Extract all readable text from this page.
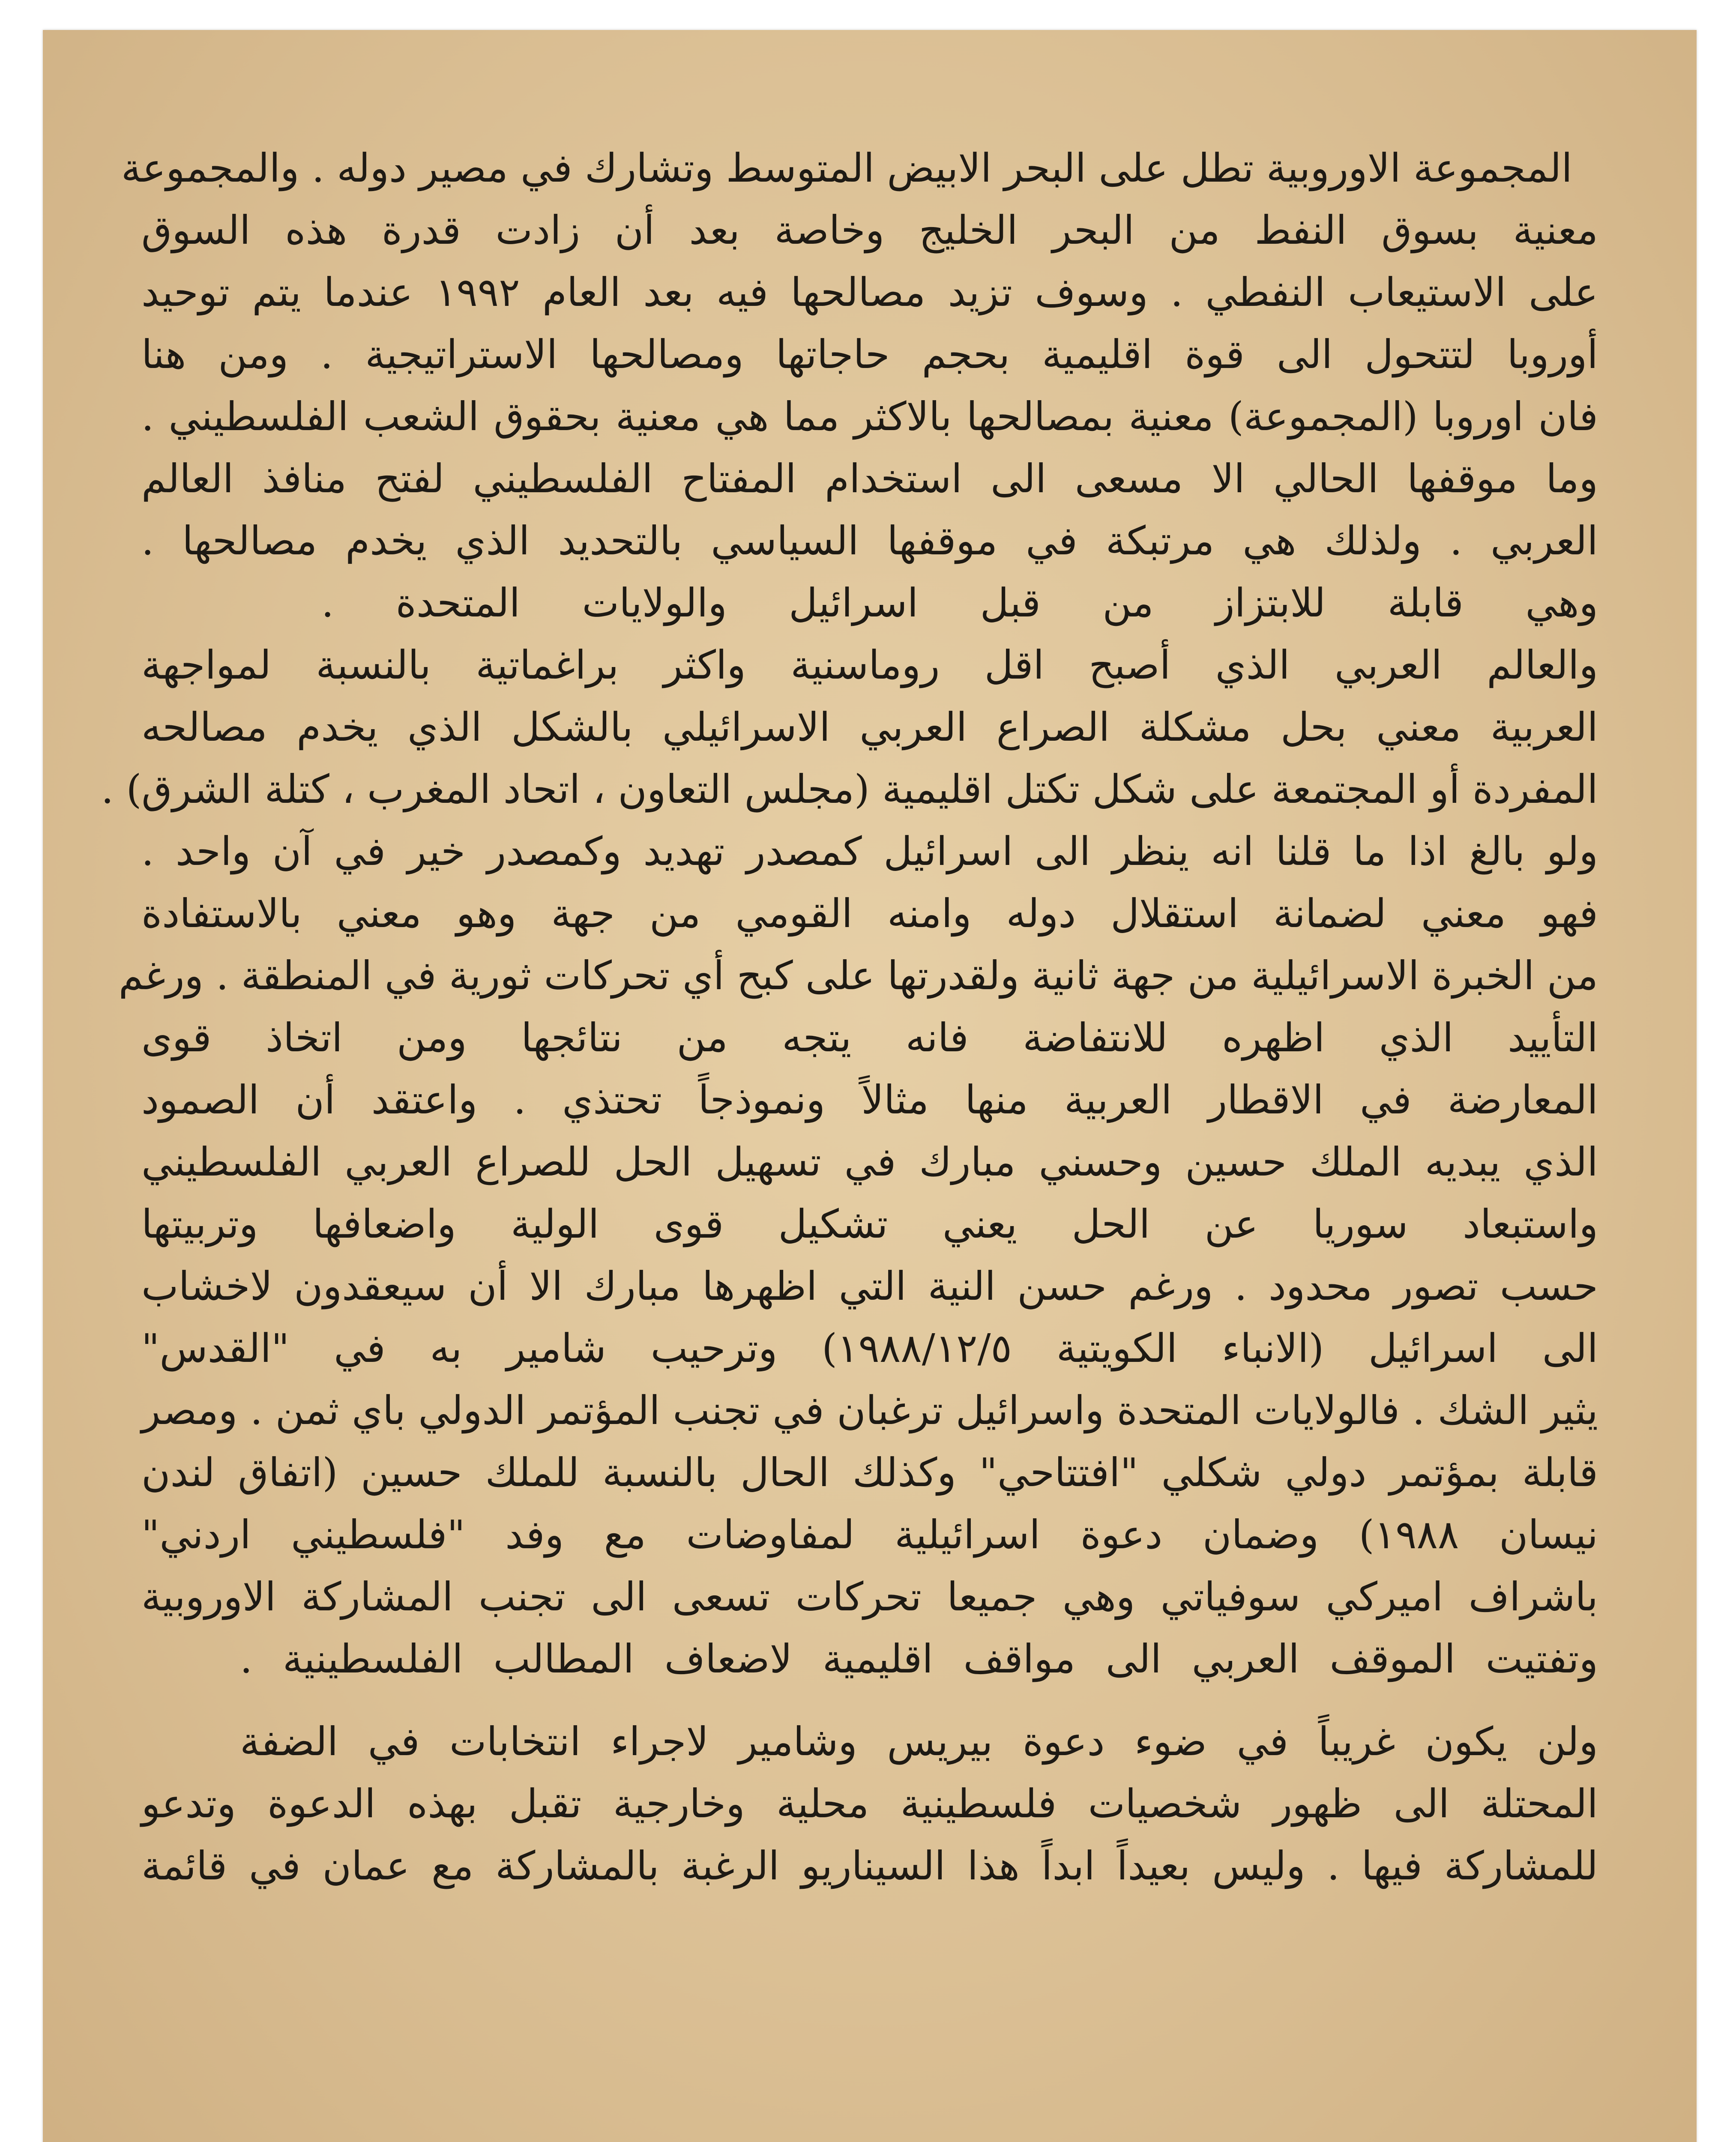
المجموعة الاوروبية تطل على البحر الابيض المتوسط وتشارك في مصير دوله . والمجموعة
معنية بسوق النفط من البحر الخليج وخاصة بعد أن زادت قدرة هذه السوق
على الاستيعاب النفطي . وسوف تزيد مصالحها فيه بعد العام ١٩٩٢ عندما يتم توحيد
أوروبا لتتحول الى قوة اقليمية بحجم حاجاتها ومصالحها الاستراتيجية . ومن هنا
فان اوروبا (المجموعة) معنية بمصالحها بالاكثر مما هي معنية بحقوق الشعب الفلسطيني .
وما موقفها الحالي الا مسعى الى استخدام المفتاح الفلسطيني لفتح منافذ العالم
العربي . ولذلك هي مرتبكة في موقفها السياسي بالتحديد الذي يخدم مصالحها .
وهي قابلة للابتزاز من قبل اسرائيل والولايات المتحدة .
والعالم العربي الذي أصبح اقل روماسنية واكثر براغماتية بالنسبة لمواجهة
العربية معني بحل مشكلة الصراع العربي الاسرائيلي بالشكل الذي يخدم مصالحه
المفردة أو المجتمعة على شكل تكتل اقليمية (مجلس التعاون ، اتحاد المغرب ، كتلة الشرق) .
ولو بالغ اذا ما قلنا انه ينظر الى اسرائيل كمصدر تهديد وكمصدر خير في آن واحد .
فهو معني لضمانة استقلال دوله وامنه القومي من جهة وهو معني بالاستفادة
من الخبرة الاسرائيلية من جهة ثانية ولقدرتها على كبح أي تحركات ثورية في المنطقة . ورغم
التأييد الذي اظهره للانتفاضة فانه يتجه من نتائجها ومن اتخاذ قوى
المعارضة في الاقطار العربية منها مثالاً ونموذجاً تحتذي . واعتقد أن الصمود
الذي يبديه الملك حسين وحسني مبارك في تسهيل الحل للصراع العربي الفلسطيني
واستبعاد سوريا عن الحل يعني تشكيل قوى الولية واضعافها وتربيتها
حسب تصور محدود . ورغم حسن النية التي اظهرها مبارك الا أن سيعقدون لاخشاب
الى اسرائيل (الانباء الكويتية ١٩٨٨/١٢/٥) وترحيب شامير به في "القدس"
يثير الشك . فالولايات المتحدة واسرائيل ترغبان في تجنب المؤتمر الدولي باي ثمن . ومصر
قابلة بمؤتمر دولي شكلي "افتتاحي" وكذلك الحال بالنسبة للملك حسين (اتفاق لندن
نيسان ١٩٨٨) وضمان دعوة اسرائيلية لمفاوضات مع وفد "فلسطيني اردني"
باشراف اميركي سوفياتي وهي جميعا تحركات تسعى الى تجنب المشاركة الاوروبية
وتفتيت الموقف العربي الى مواقف اقليمية لاضعاف المطالب الفلسطينية .
ولن يكون غريباً في ضوء دعوة بيريس وشامير لاجراء انتخابات في الضفة
المحتلة الى ظهور شخصيات فلسطينية محلية وخارجية تقبل بهذه الدعوة وتدعو
للمشاركة فيها . وليس بعيداً ابداً هذا السيناريو الرغبة بالمشاركة مع عمان في قائمة
